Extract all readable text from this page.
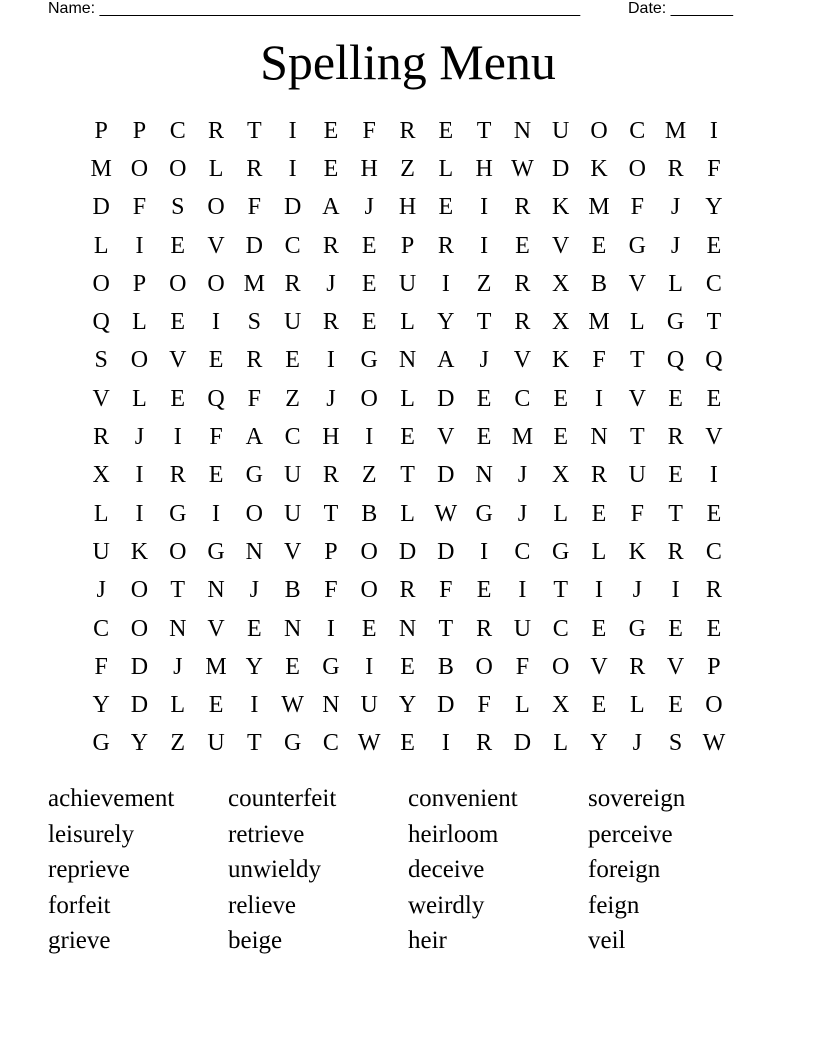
Name: ______________________________________________________	Date: _______
Spelling Menu
P	P C R T	I	E	F R E T N U O C M I
M O O L R	I	E H Z L H W D K O R F
D F	S O F D A	J	H E	I	R K M F	J	Y
L	I	E V D C R E	P R	I	E V E G	J	E
O P O O M R	J	E U	I	Z R X B V L C
Q L E	I	S U R E L Y T R X M L G T
S O V E R E	I	G N A	J	V K F	T Q Q
V L E Q F	Z	J	O L D E C E	I	V E E
R	J	I	F A C H	I	E V E M E N T R V
X	I	R E G U R Z T D N	J	X R U E	I
L	I	G	I	O U T B L W G	J	L E	F	T E
U K O G N V P O D D	I	C G L K R C
J	O T N	J	B F O R F	E	I	T	I	J	I	R
C O N V E N	I	E N T R U C E G E E
F D	J M Y E G	I	E B O F O V R V P
Y D L E	I W N U Y D F	L X E L E O
G Y Z U T G C W E	I	R D L Y	J	S W
achievement	counterfeit	convenient	sovereign
leisurely	retrieve	heirloom	perceive
reprieve	unwieldy	deceive	foreign
forfeit	relieve	weirdly	feign
grieve	beige	heir	veil
